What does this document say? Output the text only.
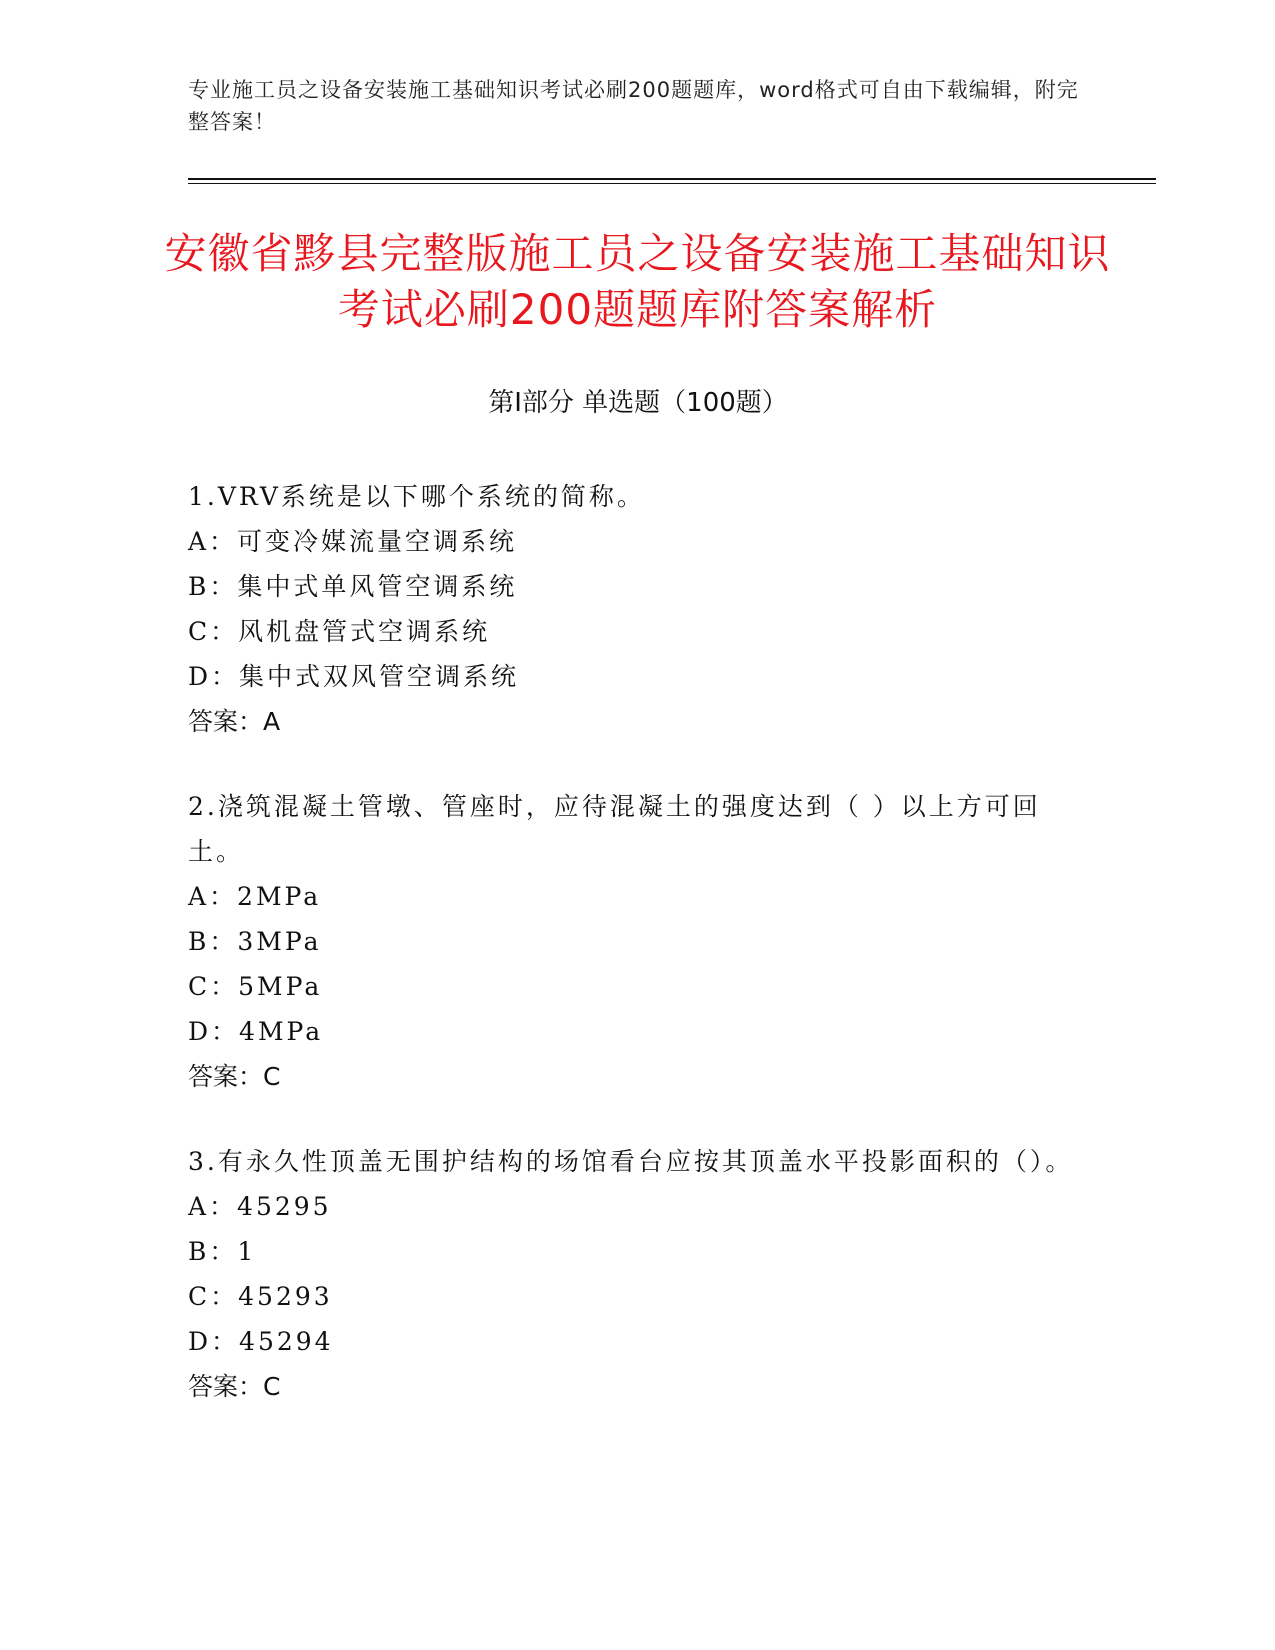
专业施工员之设备安装施工基础知识考试必刷200题题库，word格式可自由下载编辑，附完整答案！
安徽省黟县完整版施工员之设备安装施工基础知识考试必刷200题题库附答案解析
第Ⅰ部分 单选题（100题）
1.VRV系统是以下哪个系统的简称。
A：可变冷媒流量空调系统
B：集中式单风管空调系统
C：风机盘管式空调系统
D：集中式双风管空调系统
答案：A
2.浇筑混凝土管墩、管座时，应待混凝土的强度达到（ ）以上方可回土。
A：2MPa
B：3MPa
C：5MPa
D：4MPa
答案：C
3.有永久性顶盖无围护结构的场馆看台应按其顶盖水平投影面积的（）。
A：45295
B：1
C：45293
D：45294
答案：C
